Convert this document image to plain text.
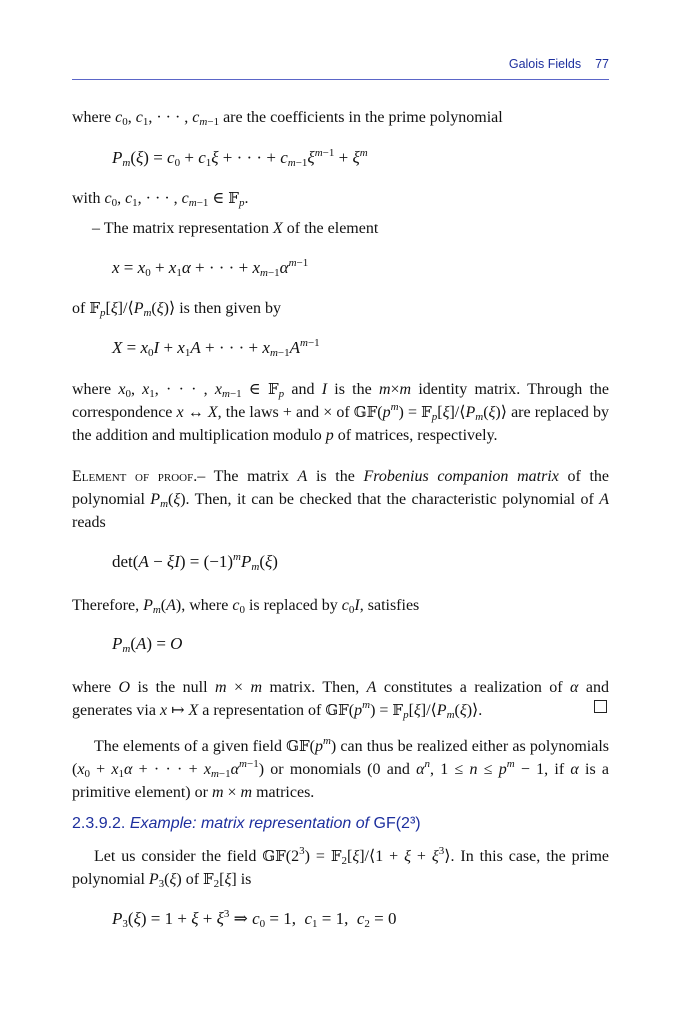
Galois Fields 77
where $c_0$, $c_1$, · · · , $c_{m-1}$ are the coefficients in the prime polynomial
$P_m(\xi) = c_0 + c_1\xi$ + · · · + $c_{m-1}\xi^{m-1} + \xi^m$
with $c_0$, $c_1$, · · · , $c_{m-1}$ ∈ 𝔽$_p$.
– The matrix representation X of the element
$x = x_0 + x_1\alpha$ + · · · + $x_{m-1}\alpha^{m-1}$
of $𝔽_p[\xi]/⟨P_m(\xi)⟩$ is then given by
$X = x_0I + x_1A$ + · · · + $x_{m-1}A^{m-1}$
where $x_0$, $x_1$, · · · , $x_{m-1}$ ∈ 𝔽$_p$ and I is the m×m identity matrix. Through the correspondence x ↔ X, the laws + and × of $𝔾𝔽(p^m)$ = $𝔽_p[\xi]/⟨P_m(\xi)⟩$ are replaced by the addition and multiplication modulo p of matrices, respectively.
Element of proof.– The matrix A is the Frobenius companion matrix of the polynomial $P_m(\xi)$. Then, it can be checked that the characteristic polynomial of A reads
$\det(A - \xi I) = (-1)^mP_m(\xi)$
Therefore, $P_m(A)$, where $c_0$ is replaced by $c_0I$, satisfies
$P_m(A) = O$
where O is the null m × m matrix. Then, A constitutes a realization of α and generates via x ↦ X a representation of $𝔾𝔽(p^m)$ = $𝔽_p[\xi]/⟨P_m(\xi)⟩$.
The elements of a given field $𝔾𝔽(p^m)$ can thus be realized either as polynomials ($x_0 + x_1\alpha$ + · · · + $x_{m-1}\alpha^{m-1}$) or monomials (0 and $\alpha^n$, $1 \le n \le p^m - 1$, if α is a primitive element) or m × m matrices.
2.3.9.2. Example: matrix representation of GF(2³)
Let us consider the field $𝔾𝔽(2^3)$ = 𝔽$_2$[ξ]/⟨1 + $\xi + \xi^3⟩$. In this case, the prime polynomial $P_3(\xi)$ of 𝔽$_2$[ξ] is
$P_3(\xi) = 1 + \xi + \xi^3$ ⇒ $c_0 = 1$,  $c_1 = 1$,  $c_2 = 0$
